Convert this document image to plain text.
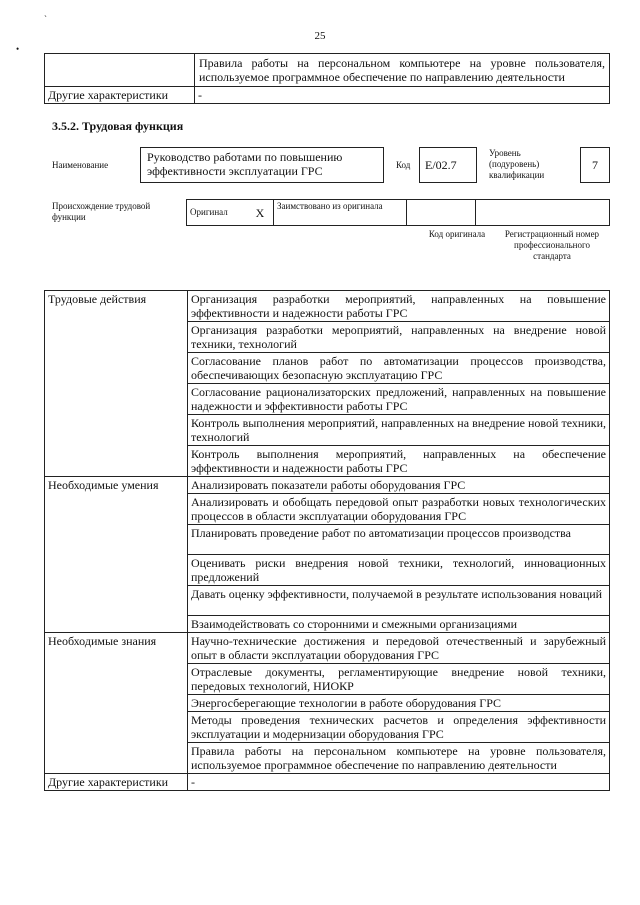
`
•
25
	Правила работы на персональном компьютере на уровне пользователя, используемое программное обеспечение по направлению деятельности
Другие характеристики	-
3.5.2. Трудовая функция
Наименование
Руководство работами по повышению эффективности эксплуатации ГРС	Код	E/02.7
Уровень (подуровень) квалификации
7
Происхождение трудовой функции	Оригинал	X	Заимствовано из оригинала		
Код оригинала	Регистрационный номер профессионального стандарта
Трудовые действия	Организация разработки мероприятий, направленных на повышение эффективности и надежности работы ГРС
	Организация разработки мероприятий, направленных на внедрение новой техники, технологий
	Согласование планов работ по автоматизации процессов производства, обеспечивающих безопасную эксплуатацию ГРС
	Согласование рационализаторских предложений, направленных на повышение надежности и эффективности работы ГРС
	Контроль выполнения мероприятий, направленных на внедрение новой техники, технологий
	Контроль выполнения мероприятий, направленных на обеспечение эффективности и надежности работы ГРС
Необходимые умения	Анализировать показатели работы оборудования ГРС
	Анализировать и обобщать передовой опыт разработки новых технологических процессов в области эксплуатации оборудования ГРС
	Планировать проведение работ по автоматизации процессов производства
	Оценивать риски внедрения новой техники, технологий, инновационных предложений
	Давать оценку эффективности, получаемой в результате использования новаций
	Взаимодействовать со сторонними и смежными организациями
Необходимые знания	Научно-технические достижения и передовой отечественный и зарубежный опыт в области эксплуатации оборудования ГРС
	Отраслевые документы, регламентирующие внедрение новой техники, передовых технологий, НИОКР
	Энергосберегающие технологии в работе оборудования ГРС
	Методы проведения технических расчетов и определения эффективности эксплуатации и модернизации оборудования ГРС
	Правила работы на персональном компьютере на уровне пользователя, используемое программное обеспечение по направлению деятельности
Другие характеристики	-
